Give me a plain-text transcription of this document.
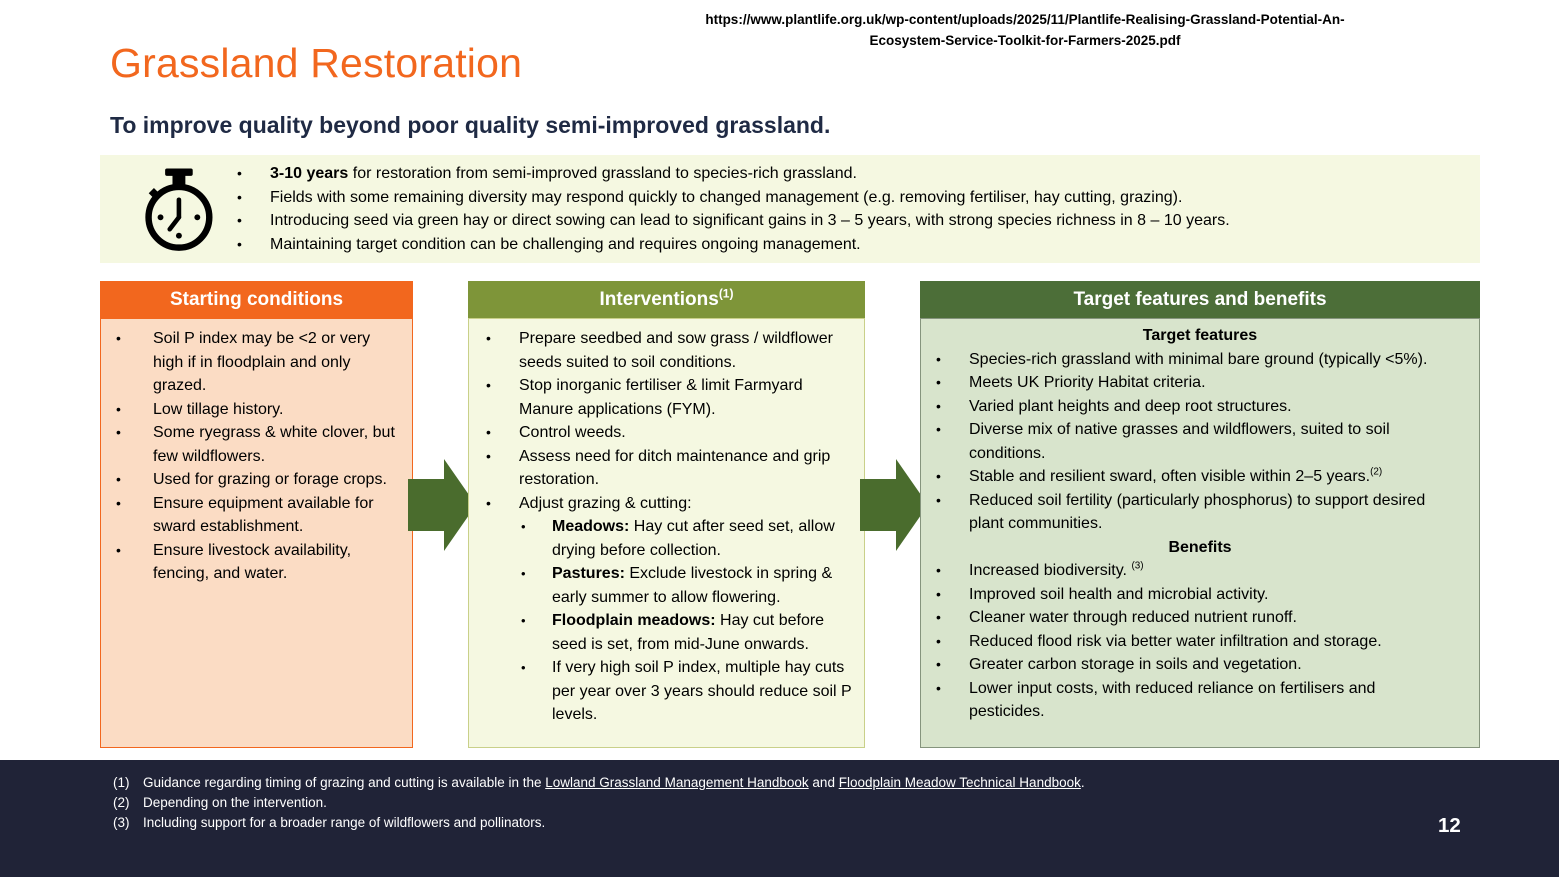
https://www.plantlife.org.uk/wp-content/uploads/2025/11/Plantlife-Realising-Grassland-Potential-An-
Ecosystem-Service-Toolkit-for-Farmers-2025.pdf
Grassland Restoration
To improve quality beyond poor quality semi-improved grassland.
• 3-10 years for restoration from semi-improved grassland to species-rich grassland.
• Fields with some remaining diversity may respond quickly to changed management (e.g. removing fertiliser, hay cutting, grazing).
• Introducing seed via green hay or direct sowing can lead to significant gains in 3 – 5 years, with strong species richness in 8 – 10 years.
• Maintaining target condition can be challenging and requires ongoing management.
Starting conditions
• Soil P index may be <2 or very high if in floodplain and only grazed.
• Low tillage history.
• Some ryegrass & white clover, but few wildflowers.
• Used for grazing or forage crops.
• Ensure equipment available for sward establishment.
• Ensure livestock availability, fencing, and water.
Interventions$^{(1)}$
• Prepare seedbed and sow grass / wildflower seeds suited to soil conditions.
• Stop inorganic fertiliser & limit Farmyard Manure applications (FYM).
• Control weeds.
• Assess need for ditch maintenance and grip restoration.
• Adjust grazing & cutting:
• Meadows: Hay cut after seed set, allow drying before collection.
• Pastures: Exclude livestock in spring & early summer to allow flowering.
• Floodplain meadows: Hay cut before seed is set, from mid-June onwards.
• If very high soil P index, multiple hay cuts per year over 3 years should reduce soil P levels.
Target features and benefits
Target features
• Species-rich grassland with minimal bare ground (typically <5%).
• Meets UK Priority Habitat criteria.
• Varied plant heights and deep root structures.
• Diverse mix of native grasses and wildflowers, suited to soil conditions.
• Stable and resilient sward, often visible within 2–5 years.$^{(2)}$
• Reduced soil fertility (particularly phosphorus) to support desired plant communities.
Benefits
• Increased biodiversity. $^{(3)}$
• Improved soil health and microbial activity.
• Cleaner water through reduced nutrient runoff.
• Reduced flood risk via better water infiltration and storage.
• Greater carbon storage in soils and vegetation.
• Lower input costs, with reduced reliance on fertilisers and pesticides.
(1) Guidance regarding timing of grazing and cutting is available in the Lowland Grassland Management Handbook and Floodplain Meadow Technical Handbook.
(2) Depending on the intervention.
(3) Including support for a broader range of wildflowers and pollinators.	12
